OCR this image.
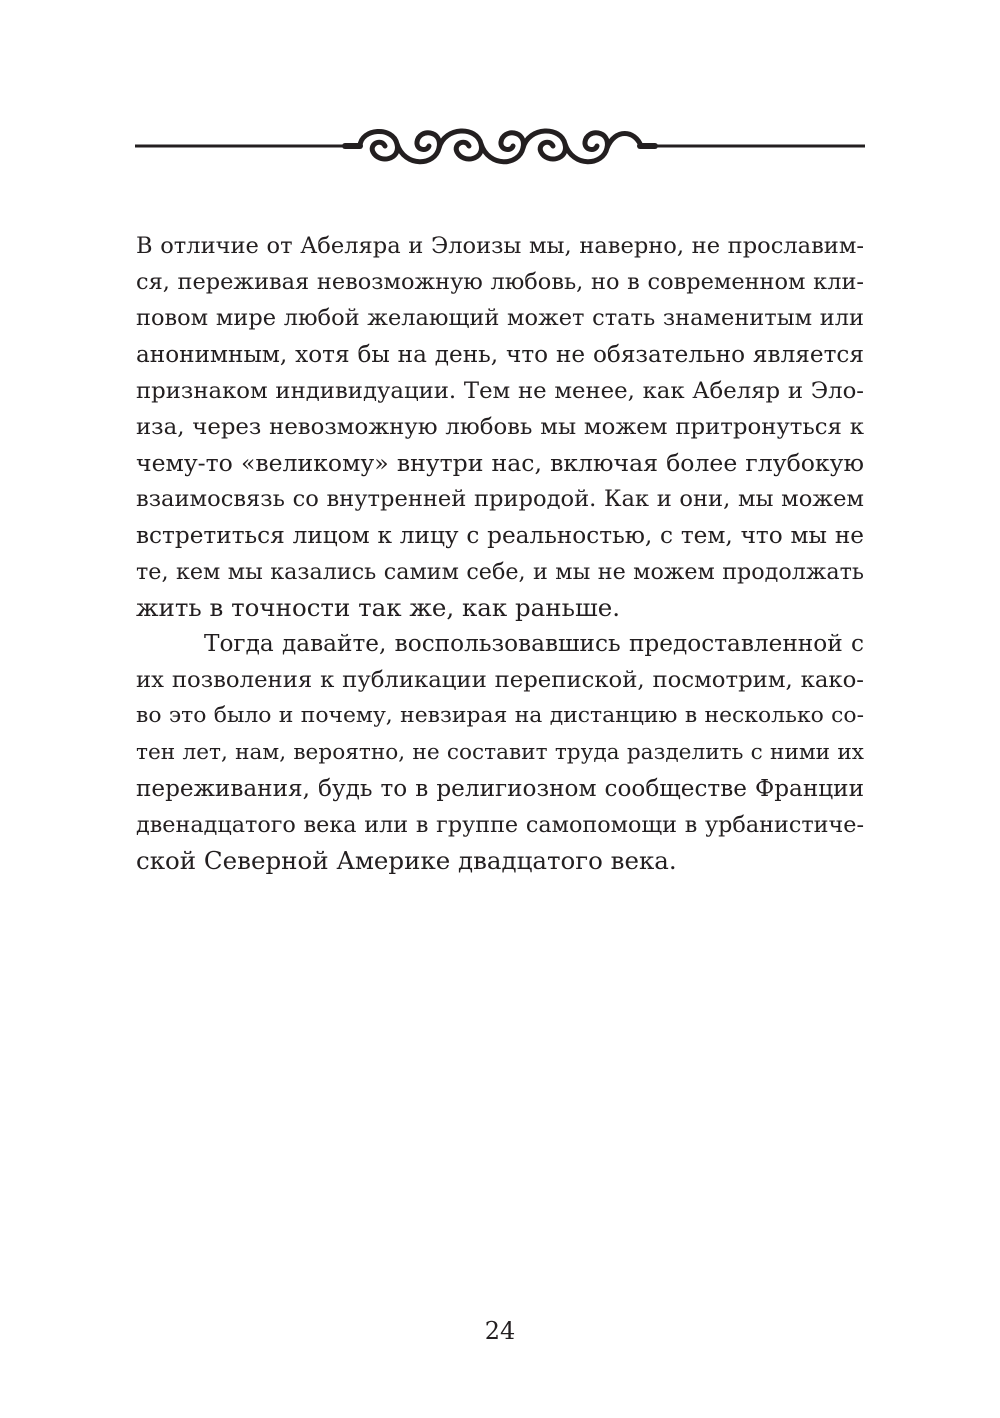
В отличие от Абеляра и Элоизы мы, наверно, не прославим-
ся, переживая невозможную любовь, но в современном кли-
повом мире любой желающий может стать знаменитым или
анонимным, хотя бы на день, что не обязательно является
признаком индивидуации. Тем не менее, как Абеляр и Эло-
иза, через невозможную любовь мы можем притронуться к
чему-то «великому» внутри нас, включая более глубокую
взаимосвязь со внутренней природой. Как и они, мы можем
встретиться лицом к лицу с реальностью, с тем, что мы не
те, кем мы казались самим себе, и мы не можем продолжать
жить в точности так же, как раньше.
Тогда давайте, воспользовавшись предоставленной с
их позволения к публикации перепиской, посмотрим, како-
во это было и почему, невзирая на дистанцию в несколько со-
тен лет, нам, вероятно, не составит труда разделить с ними их
переживания, будь то в религиозном сообществе Франции
двенадцатого века или в группе самопомощи в урбанистиче-
ской Северной Америке двадцатого века.
24
